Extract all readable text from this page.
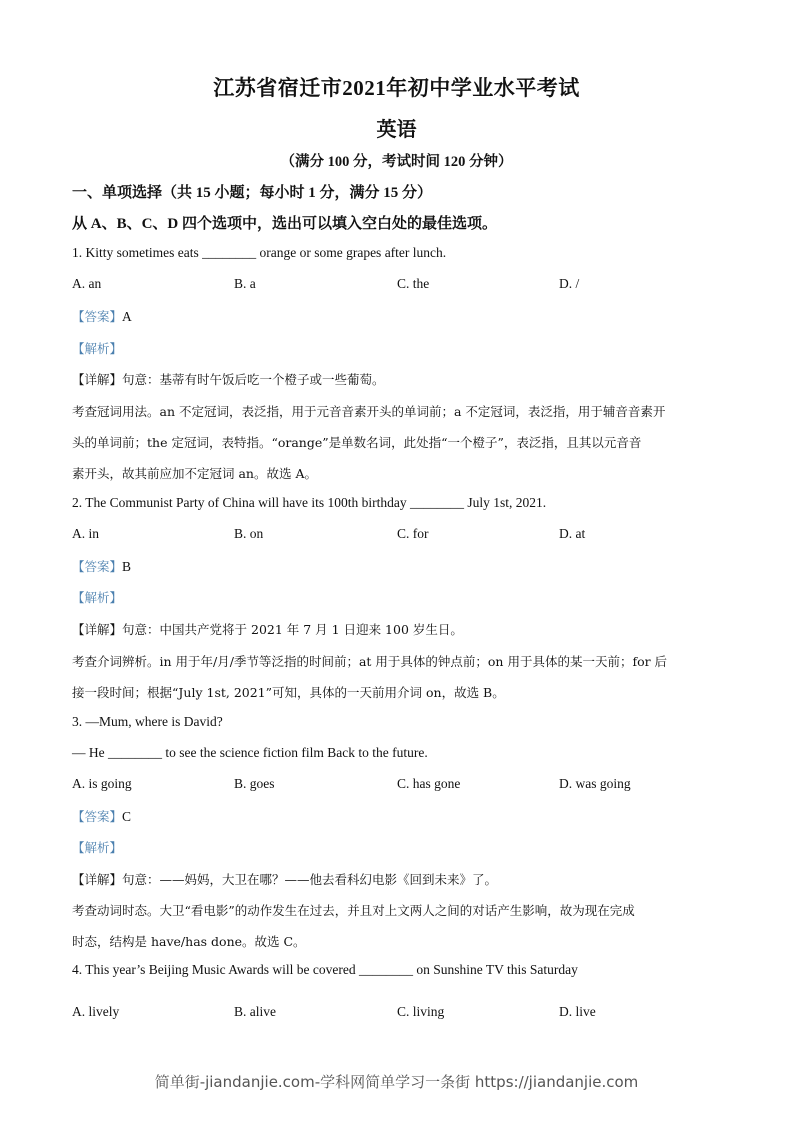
江苏省宿迁市2021年初中学业水平考试
英语
（满分 100 分，考试时间 120 分钟）
一、单项选择（共 15 小题；每小时 1 分，满分 15 分）
从 A、B、C、D 四个选项中，选出可以填入空白处的最佳选项。
1. Kitty sometimes eats ________ orange or some grapes after lunch.
A. an	B. a	C. the	D. /
【答案】A
【解析】
【详解】句意：基蒂有时午饭后吃一个橙子或一些葡萄。
考查冠词用法。an 不定冠词，表泛指，用于元音音素开头的单词前；a 不定冠词，表泛指，用于辅音音素开
头的单词前；the 定冠词，表特指。“orange”是单数名词，此处指“一个橙子”，表泛指，且其以元音音
素开头，故其前应加不定冠词 an。故选 A。
2. The Communist Party of China will have its 100th birthday ________ July 1st, 2021.
A. in	B. on	C. for	D. at
【答案】B
【解析】
【详解】句意：中国共产党将于 2021 年 7 月 1 日迎来 100 岁生日。
考查介词辨析。in 用于年/月/季节等泛指的时间前；at 用于具体的钟点前；on 用于具体的某一天前；for 后
接一段时间；根据“July 1st, 2021”可知，具体的一天前用介词 on，故选 B。
3. —Mum, where is David?
— He ________ to see the science fiction film Back to the future.
A. is going	B. goes	C. has gone	D. was going
【答案】C
【解析】
【详解】句意：——妈妈，大卫在哪？——他去看科幻电影《回到未来》了。
考查动词时态。大卫“看电影”的动作发生在过去，并且对上文两人之间的对话产生影响，故为现在完成
时态，结构是 have/has done。故选 C。
4. This year’s Beijing Music Awards will be covered ________ on Sunshine TV this Saturday
A. lively	B. alive	C. living	D. live
简单街-jiandanjie.com-学科网简单学习一条街 https://jiandanjie.com
